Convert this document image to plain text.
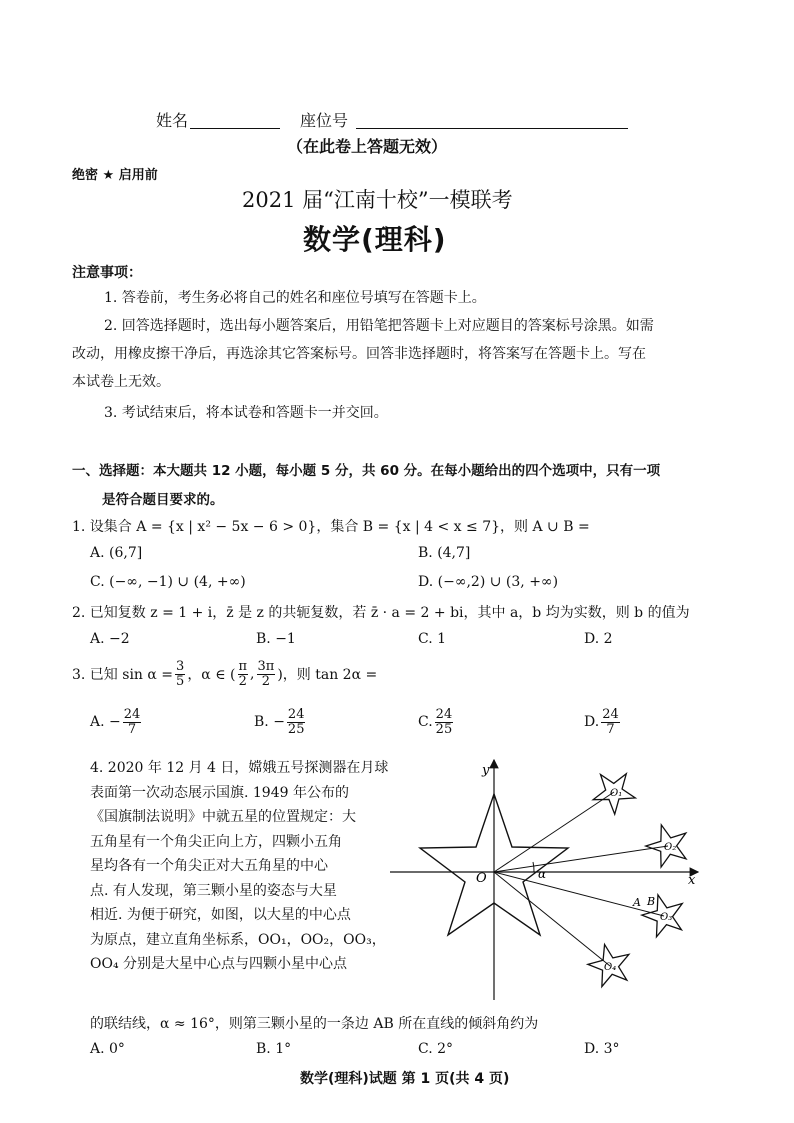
姓名	座位号
（在此卷上答题无效）
绝密 ★ 启用前
2021 届“江南十校”一模联考
数学(理科)
注意事项：
1. 答卷前，考生务必将自己的姓名和座位号填写在答题卡上。
2. 回答选择题时，选出每小题答案后，用铅笔把答题卡上对应题目的答案标号涂黑。如需
改动，用橡皮擦干净后，再选涂其它答案标号。回答非选择题时，将答案写在答题卡上。写在
本试卷上无效。
3. 考试结束后，将本试卷和答题卡一并交回。
一、选择题：本大题共 12 小题，每小题 5 分，共 60 分。在每小题给出的四个选项中，只有一项
是符合题目要求的。
1. 设集合 A = {x | x² − 5x − 6 > 0}，集合 B = {x | 4 < x ≤ 7}，则 A ∪ B =
A. (6,7]	B. (4,7]
C. (−∞, −1) ∪ (4, +∞)	D. (−∞,2) ∪ (3, +∞)
2. 已知复数 z = 1 + i，z̄ 是 z 的共轭复数，若 z̄ · a = 2 + bi，其中 a，b 均为实数，则 b 的值为
A. −2	B. −1	C. 1	D. 2
3. 已知 $\sin \alpha = \frac{3}{5}$ ，α ∈ ( $\frac{\pi}{2}$ , $\frac{3\pi}{2}$ )，则 tan 2α =
A. − $\frac{24}{7}$	B. − $\frac{24}{25}$	C. $\frac{24}{25}$	D. $\frac{24}{7}$
4. 2020 年 12 月 4 日，嫦娥五号探测器在月球
表面第一次动态展示国旗. 1949 年公布的
《国旗制法说明》中就五星的位置规定：大
五角星有一个角尖正向上方，四颗小五角
星均各有一个角尖正对大五角星的中心
点. 有人发现，第三颗小星的姿态与大星
相近. 为便于研究，如图，以大星的中心点
为原点，建立直角坐标系，OO₁，OO₂，OO₃，
OO₄ 分别是大星中心点与四颗小星中心点
的联结线，α ≈ 16°，则第三颗小星的一条边 AB 所在直线的倾斜角约为
A. 0°	B. 1°	C. 2°	D. 3°
x
y
O	α
O₁
O₂
O₃
A B
O₄
数学(理科)试题 第 1 页(共 4 页)
